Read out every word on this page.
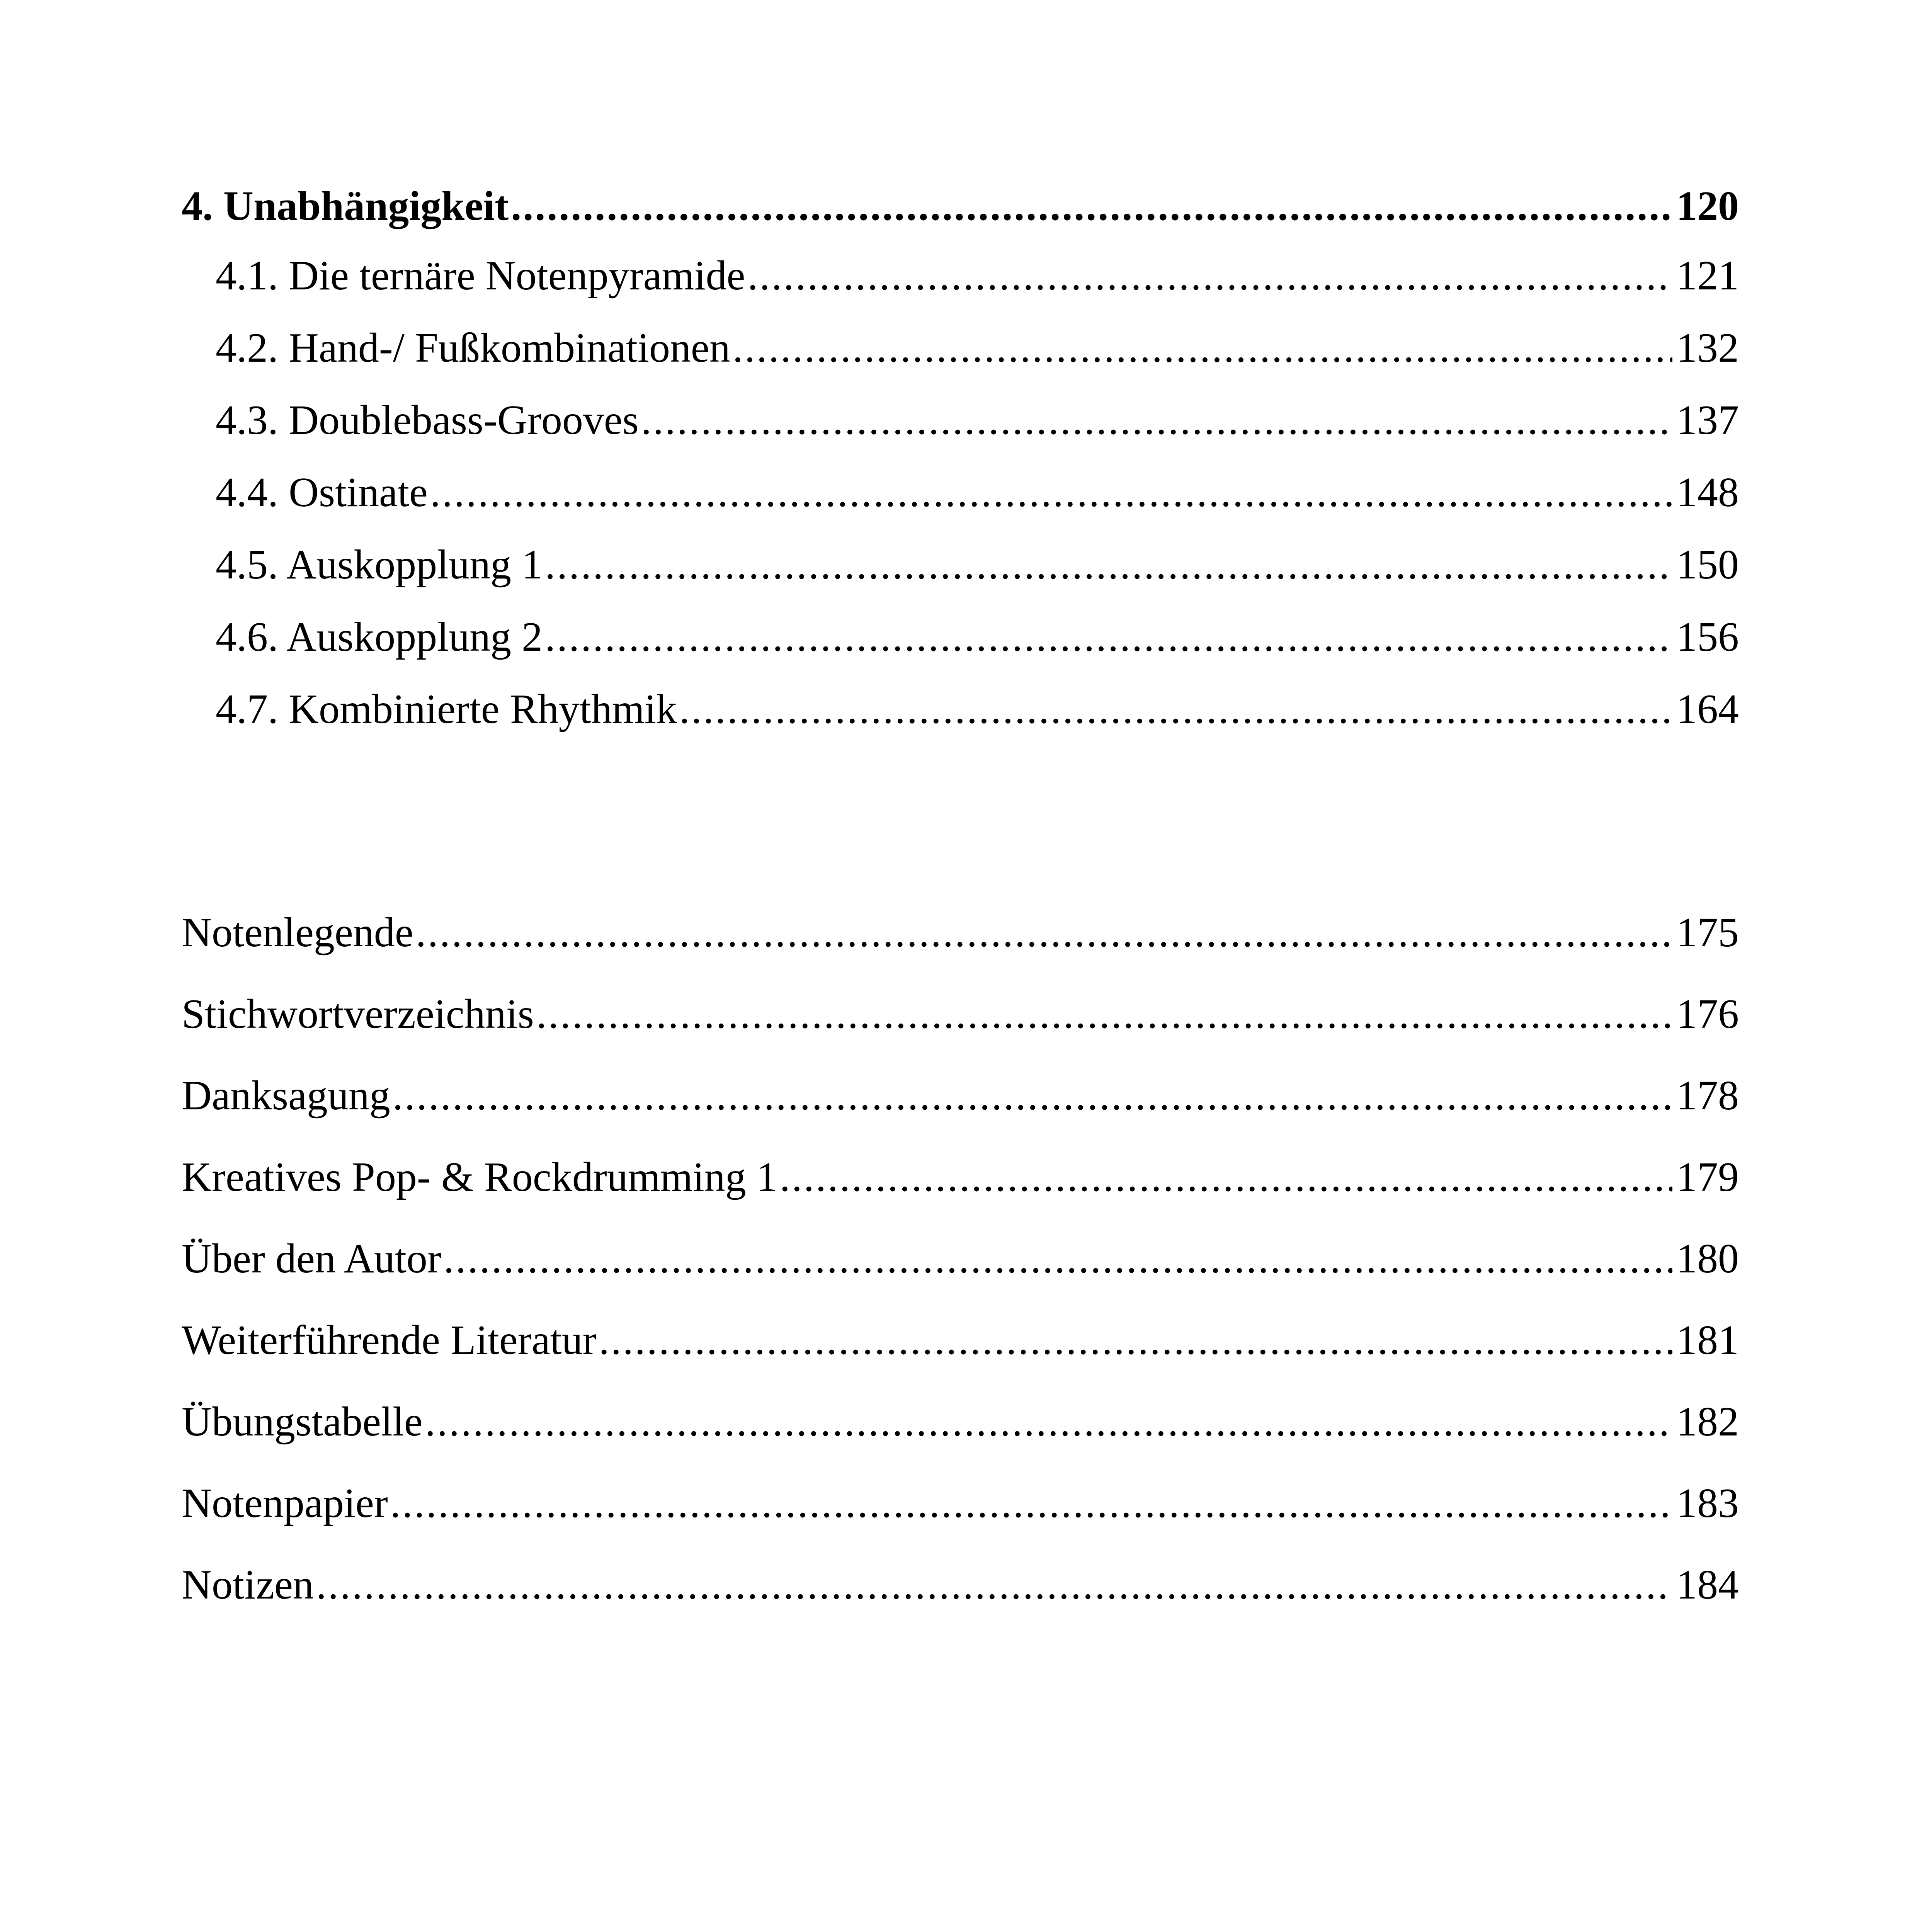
4. Unabhängigkeit .....	120
4.1. Die ternäre Notenpyramide .....	121
4.2. Hand-/ Fußkombinationen .....	132
4.3. Doublebass-Grooves .....	137
4.4. Ostinate .....	148
4.5. Auskopplung 1 .....	150
4.6. Auskopplung 2 .....	156
4.7. Kombinierte Rhythmik .....	164
Notenlegende .....	175
Stichwortverzeichnis .....	176
Danksagung .....	178
Kreatives Pop- & Rockdrumming 1 .....	179
Über den Autor .....	180
Weiterführende Literatur .....	181
Übungstabelle .....	182
Notenpapier .....	183
Notizen .....	184
